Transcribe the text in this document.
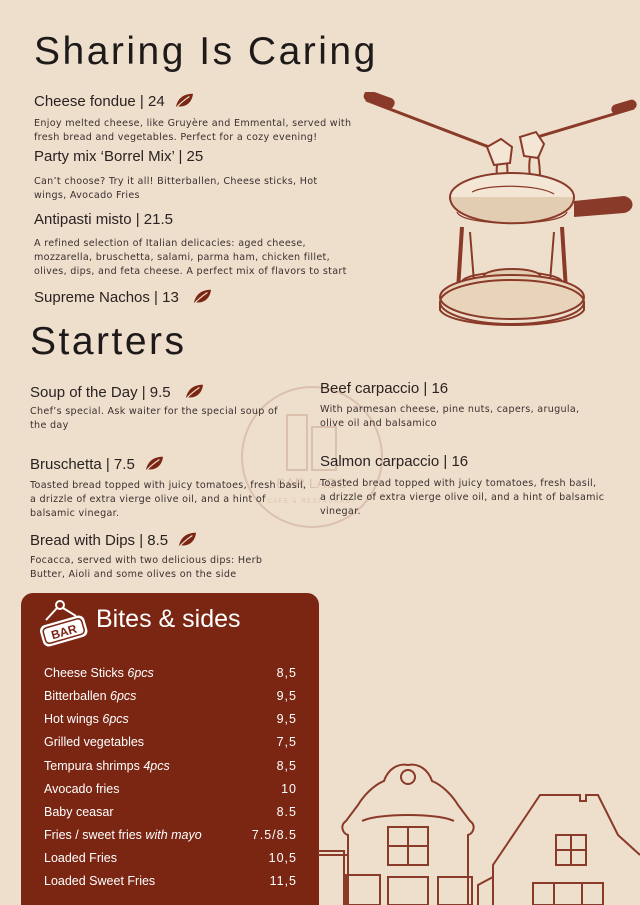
Sharing Is Caring
Cheese fondue | 24
Enjoy melted cheese, like Gruyère and Emmental, served with fresh bread and vegetables. Perfect for a cozy evening!
Party mix ‘Borrel Mix’ | 25
Can’t choose? Try it all! Bitterballen, Cheese sticks, Hot wings, Avocado Fries
Antipasti misto | 21.5
A refined selection of Italian delicacies: aged cheese, mozzarella, bruschetta, salami, parma ham, chicken fillet, olives, dips, and feta cheese. A perfect mix of flavors to start
Supreme Nachos | 13
Starters
BAR LAGO
CAFE & RESTAURANT
Soup of the Day | 9.5
Chef’s special. Ask waiter for the special soup of the day
Bruschetta | 7.5
Toasted bread topped with juicy tomatoes, fresh basil, a drizzle of extra vierge olive oil, and a hint of balsamic vinegar.
Bread with Dips | 8.5
Focacca, served with two delicious dips: Herb Butter, Aioli and some olives on the side
Beef carpaccio | 16
With parmesan cheese, pine nuts, capers, arugula, olive oil and balsamico
Salmon carpaccio | 16
Toasted bread topped with juicy tomatoes, fresh basil, a drizzle of extra vierge olive oil, and a hint of balsamic vinegar.
BAR Bites & sides
Cheese Sticks 6pcs	8,5
Bitterballen 6pcs	9,5
Hot wings 6pcs	9,5
Grilled vegetables	7,5
Tempura shrimps 4pcs	8,5
Avocado fries	10
Baby ceasar	8.5
Fries / sweet fries with mayo	7.5/8.5
Loaded Fries	10,5
Loaded Sweet Fries	11,5
